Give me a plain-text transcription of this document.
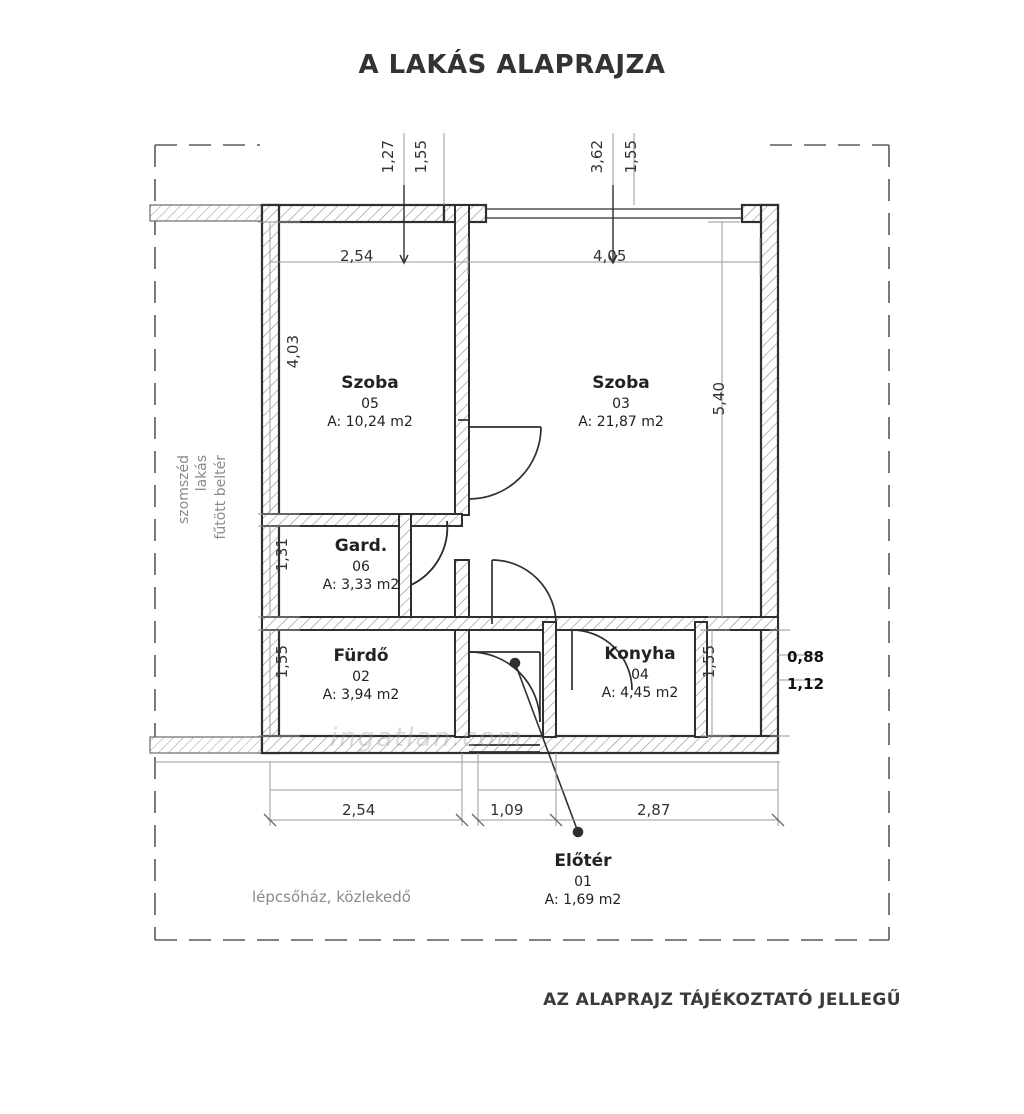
A LAKÁS ALAPRAJZA
Szoba
05
A: 10,24 m2
Szoba
03
A: 21,87 m2
Gard.
06
A: 3,33 m2
Fürdő
02
A: 3,94 m2
Konyha
04
A: 4,45 m2
Előtér
01
A: 1,69 m2
1,27 1,55	3,62 1,55
2,54	4,05
4,03
1,31
1,55
5,40
1,55	0,88
1,12
2,54	1,09	2,87
szomszéd lakás fűtött beltér
lépcsőház, közlekedő
ingatlan.com
AZ ALAPRAJZ TÁJÉKOZTATÓ JELLEGŰ
